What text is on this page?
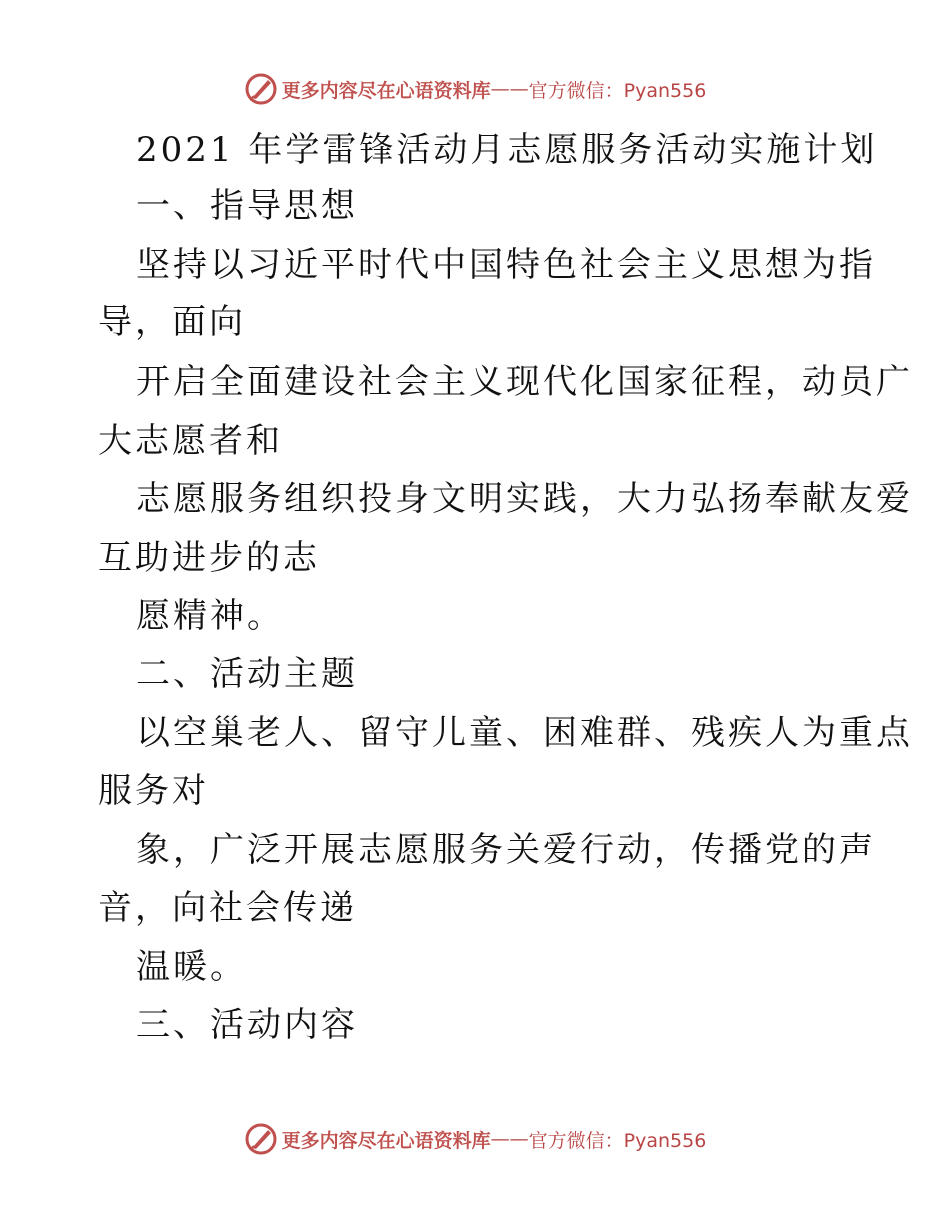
更多内容尽在心语资料库 —— 官方微信：Pyan556
2021 年学雷锋活动月志愿服务活动实施计划
一、指导思想
坚持以习近平时代中国特色社会主义思想为指
导，面向
开启全面建设社会主义现代化国家征程，动员广
大志愿者和
志愿服务组织投身文明实践，大力弘扬奉献友爱
互助进步的志
愿精神。
二、活动主题
以空巢老人、留守儿童、困难群、残疾人为重点
服务对
象，广泛开展志愿服务关爱行动，传播党的声
音，向社会传递
温暖。
三、活动内容
更多内容尽在心语资料库 —— 官方微信：Pyan556
